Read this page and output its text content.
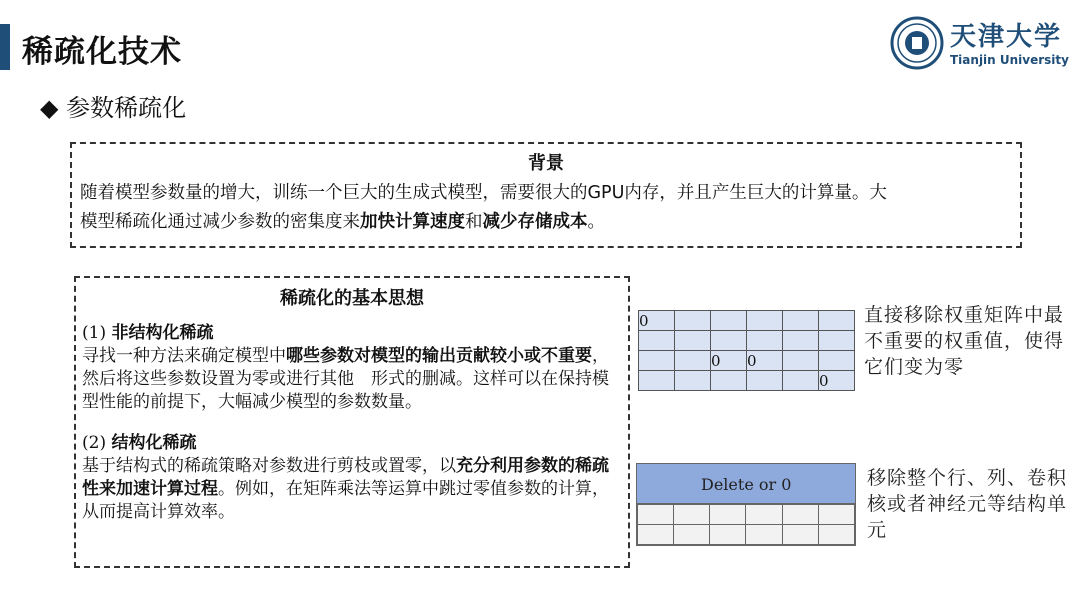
稀疏化技术	天津大学
Tianjin University
◆ 参数稀疏化
背景
随着模型参数量的增大，训练一个巨大的生成式模型，需要很大的GPU内存，并且产生巨大的计算量。大
模型稀疏化通过减少参数的密集度来加快计算速度和减少存储成本。
稀疏化的基本思想
(1) 非结构化稀疏
寻找一种方法来确定模型中哪些参数对模型的输出贡献较小或不重要，然后将这些参数设置为零或进行其他　形式的删减。这样可以在保持模型性能的前提下，大幅减少模型的参数数量。
(2) 结构化稀疏
基于结构式的稀疏策略对参数进行剪枝或置零，以充分利用参数的稀疏性来加速计算过程。例如，在矩阵乘法等运算中跳过零值参数的计算，从而提高计算效率。
0					

		0	0		
					0
直接移除权重矩阵中最不重要的权重值，使得它们变为零
Delete or 0

						移除整个行、列、卷积核或者神经元等结构单元
